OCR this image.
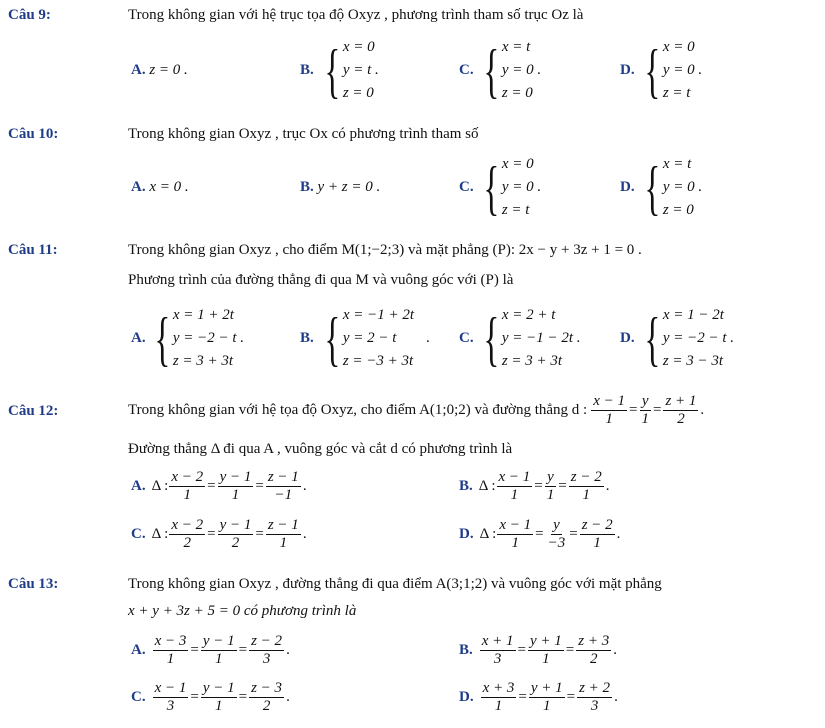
Câu 9:	Trong không gian với hệ trục tọa độ Oxyz , phương trình tham số trục Oz là
A. z = 0 .	B. { x = 0
y = t .
z = 0
C. { x = t
y = 0 .
z = 0
D. { x = 0
y = 0 .
z = t
Câu 10:	Trong không gian Oxyz , trục Ox có phương trình tham số
A. x = 0 .	B. y + z = 0 .	C. { x = 0
y = 0 .
z = t
D. { x = t
y = 0 .
z = 0
Câu 11:	Trong không gian Oxyz , cho điểm M(1;−2;3) và mặt phẳng (P): 2x − y + 3z + 1 = 0 .
Phương trình của đường thẳng đi qua M và vuông góc với (P) là
A. { x = 1 + 2t
y = −2 − t .
z = 3 + 3t
B. { x = −1 + 2t
y = 2 − t        .
z = −3 + 3t
C. { x = 2 + t
y = −1 − 2t .
z = 3 + 3t
D. { x = 1 − 2t
y = −2 − t .
z = 3 − 3t
Câu 12:	Trong không gian với hệ tọa độ Oxyz, cho điểm A(1;0;2) và đường thẳng d : $\frac{x - 1}{1} = \frac{y}{1} = \frac{z + 1}{2}$ .
Đường thẳng Δ đi qua A , vuông góc và cắt d có phương trình là
A. Δ : $\frac{x - 2}{1} = \frac{y - 1}{1} = \frac{z - 1}{-1}$ .	B. Δ : $\frac{x - 1}{1} = \frac{y}{1} = \frac{z - 2}{1}$ .
C. Δ : $\frac{x - 2}{2} = \frac{y - 1}{2} = \frac{z - 1}{1}$ .	D. Δ : $\frac{x - 1}{1} = \frac{y}{-3} = \frac{z - 2}{1}$ .
Câu 13:	Trong không gian Oxyz , đường thẳng đi qua điểm A(3;1;2) và vuông góc với mặt phẳng
x + y + 3z + 5 = 0 có phương trình là
A. $\frac{x - 3}{1} = \frac{y - 1}{1} = \frac{z - 2}{3}$ .	B. $\frac{x + 1}{3} = \frac{y + 1}{1} = \frac{z + 3}{2}$ .
C. $\frac{x - 1}{3} = \frac{y - 1}{1} = \frac{z - 3}{2}$ .	D. $\frac{x + 3}{1} = \frac{y + 1}{1} = \frac{z + 2}{3}$ .
